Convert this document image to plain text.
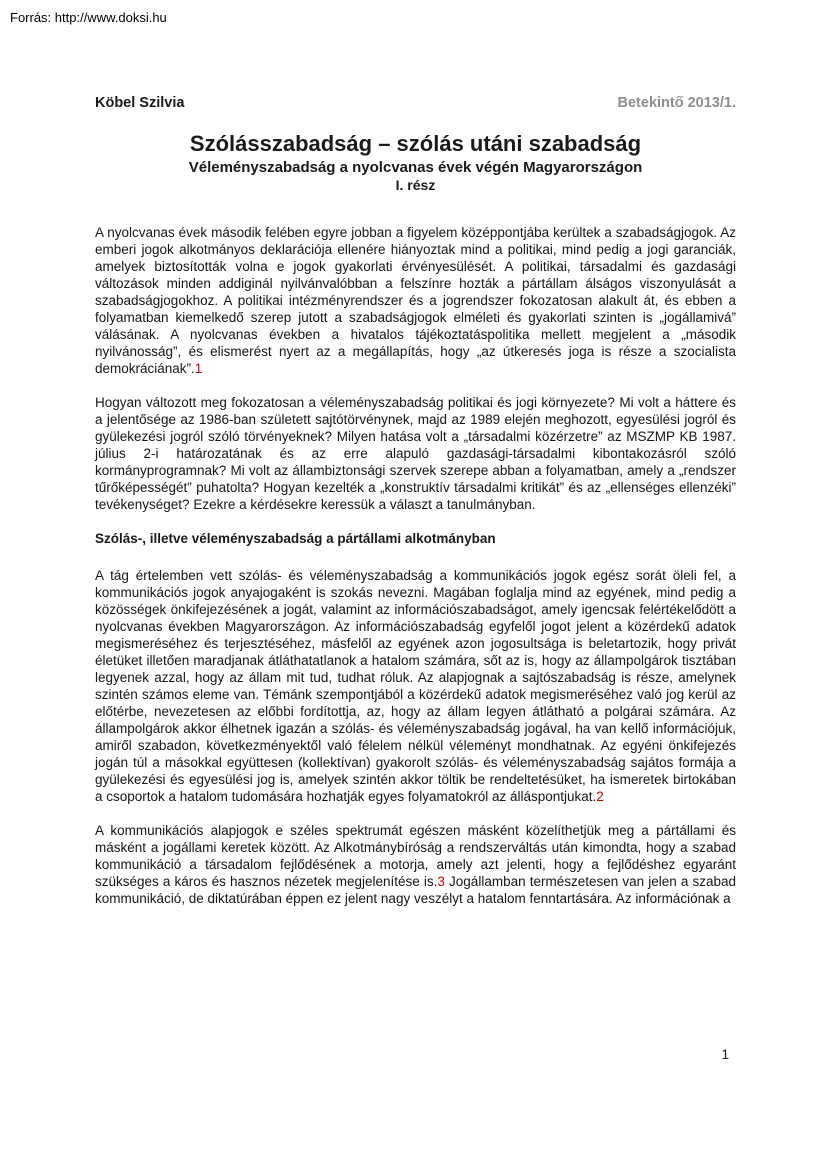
Forrás: http://www.doksi.hu
Köbel Szilvia	Betekintő 2013/1.
Szólásszabadság – szólás utáni szabadság
Véleményszabadság a nyolcvanas évek végén Magyarországon
I. rész

A nyolcvanas évek második felében egyre jobban a figyelem középpontjába kerültek a szabadságjogok. Az emberi jogok alkotmányos deklarációja ellenére hiányoztak mind a politikai, mind pedig a jogi garanciák, amelyek biztosították volna e jogok gyakorlati érvényesülését. A politikai, társadalmi és gazdasági változások minden addiginál nyilvánvalóbban a felszínre hozták a pártállam álságos viszonyulását a szabadságjogokhoz. A politikai intézményrendszer és a jogrendszer fokozatosan alakult át, és ebben a folyamatban kiemelkedő szerep jutott a szabadságjogok elméleti és gyakorlati szinten is „jogállamivá” válásának. A nyolcvanas években a hivatalos tájékoztatáspolitika mellett megjelent a „második nyilvánosság”, és elismerést nyert az a megállapítás, hogy „az útkeresés joga is része a szocialista demokráciának”.1

Hogyan változott meg fokozatosan a véleményszabadság politikai és jogi környezete? Mi volt a háttere és a jelentősége az 1986-ban született sajtótörvénynek, majd az 1989 elején meghozott, egyesülési jogról és gyülekezési jogról szóló törvényeknek? Milyen hatása volt a „társadalmi közérzetre” az MSZMP KB 1987. július 2-i határozatának és az erre alapuló gazdasági-társadalmi kibontakozásról szóló kormányprogramnak? Mi volt az állambiztonsági szervek szerepe abban a folyamatban, amely a „rendszer tűrőképességét” puhatolta? Hogyan kezelték a „konstruktív társadalmi kritikát” és az „ellenséges ellenzéki” tevékenységet? Ezekre a kérdésekre keressük a választ a tanulmányban.

Szólás-, illetve véleményszabadság a pártállami alkotmányban

A tág értelemben vett szólás- és véleményszabadság a kommunikációs jogok egész sorát öleli fel, a kommunikációs jogok anyajogaként is szokás nevezni. Magában foglalja mind az egyének, mind pedig a közösségek önkifejezésének a jogát, valamint az információszabadságot, amely igencsak felértékelődött a nyolcvanas években Magyarországon. Az információszabadság egyfelől jogot jelent a közérdekű adatok megismeréséhez és terjesztéséhez, másfelől az egyének azon jogosultsága is beletartozik, hogy privát életüket illetően maradjanak átláthatatlanok a hatalom számára, sőt az is, hogy az állampolgárok tisztában legyenek azzal, hogy az állam mit tud, tudhat róluk. Az alapjognak a sajtószabadság is része, amelynek szintén számos eleme van. Témánk szempontjából a közérdekű adatok megismeréséhez való jog kerül az előtérbe, nevezetesen az előbbi fordítottja, az, hogy az állam legyen átlátható a polgárai számára. Az állampolgárok akkor élhetnek igazán a szólás- és véleményszabadság jogával, ha van kellő információjuk, amiről szabadon, következményektől való félelem nélkül véleményt mondhatnak. Az egyéni önkifejezés jogán túl a másokkal együttesen (kollektívan) gyakorolt szólás- és véleményszabadság sajátos formája a gyülekezési és egyesülési jog is, amelyek szintén akkor töltik be rendeltetésüket, ha ismeretek birtokában a csoportok a hatalom tudomására hozhatják egyes folyamatokról az álláspontjukat.2

A kommunikációs alapjogok e széles spektrumát egészen másként közelíthetjük meg a pártállami és másként a jogállami keretek között. Az Alkotmánybíróság a rendszerváltás után kimondta, hogy a szabad kommunikáció a társadalom fejlődésének a motorja, amely azt jelenti, hogy a fejlődéshez egyaránt szükséges a káros és hasznos nézetek megjelenítése is.3 Jogállamban természetesen van jelen a szabad kommunikáció, de diktatúrában éppen ez jelent nagy veszélyt a hatalom fenntartására. Az információnak a

1
